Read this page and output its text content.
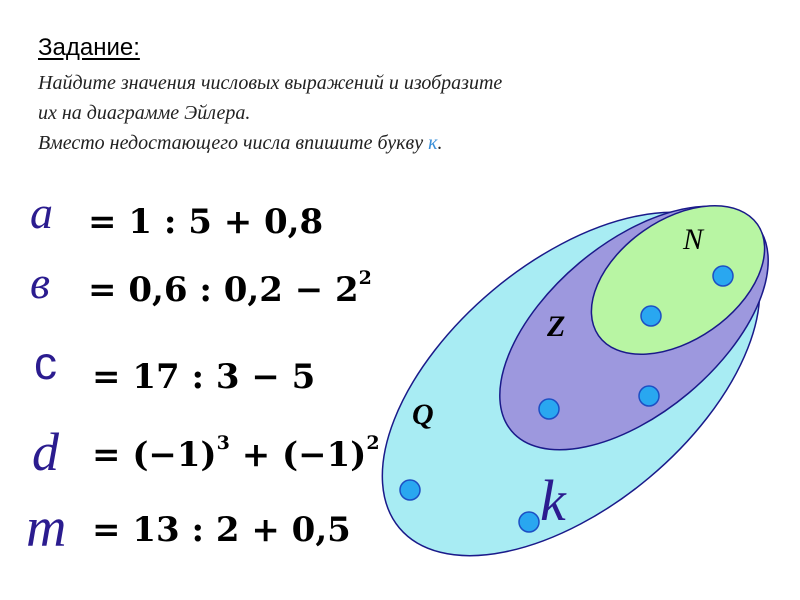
Задание:
Найдите значения числовых выражений и изобразите
их на диаграмме Эйлера.
Вместо недостающего числа впишите букву к.
N
Z
Q
k
a = 1 : 5 + 0,8
в = 0,6 : $0,2 - 2^2$
c = 17 : 3 − 5
$d = (-1)^3 + (-1)^2$
m = 13 : 2 + 0,5
